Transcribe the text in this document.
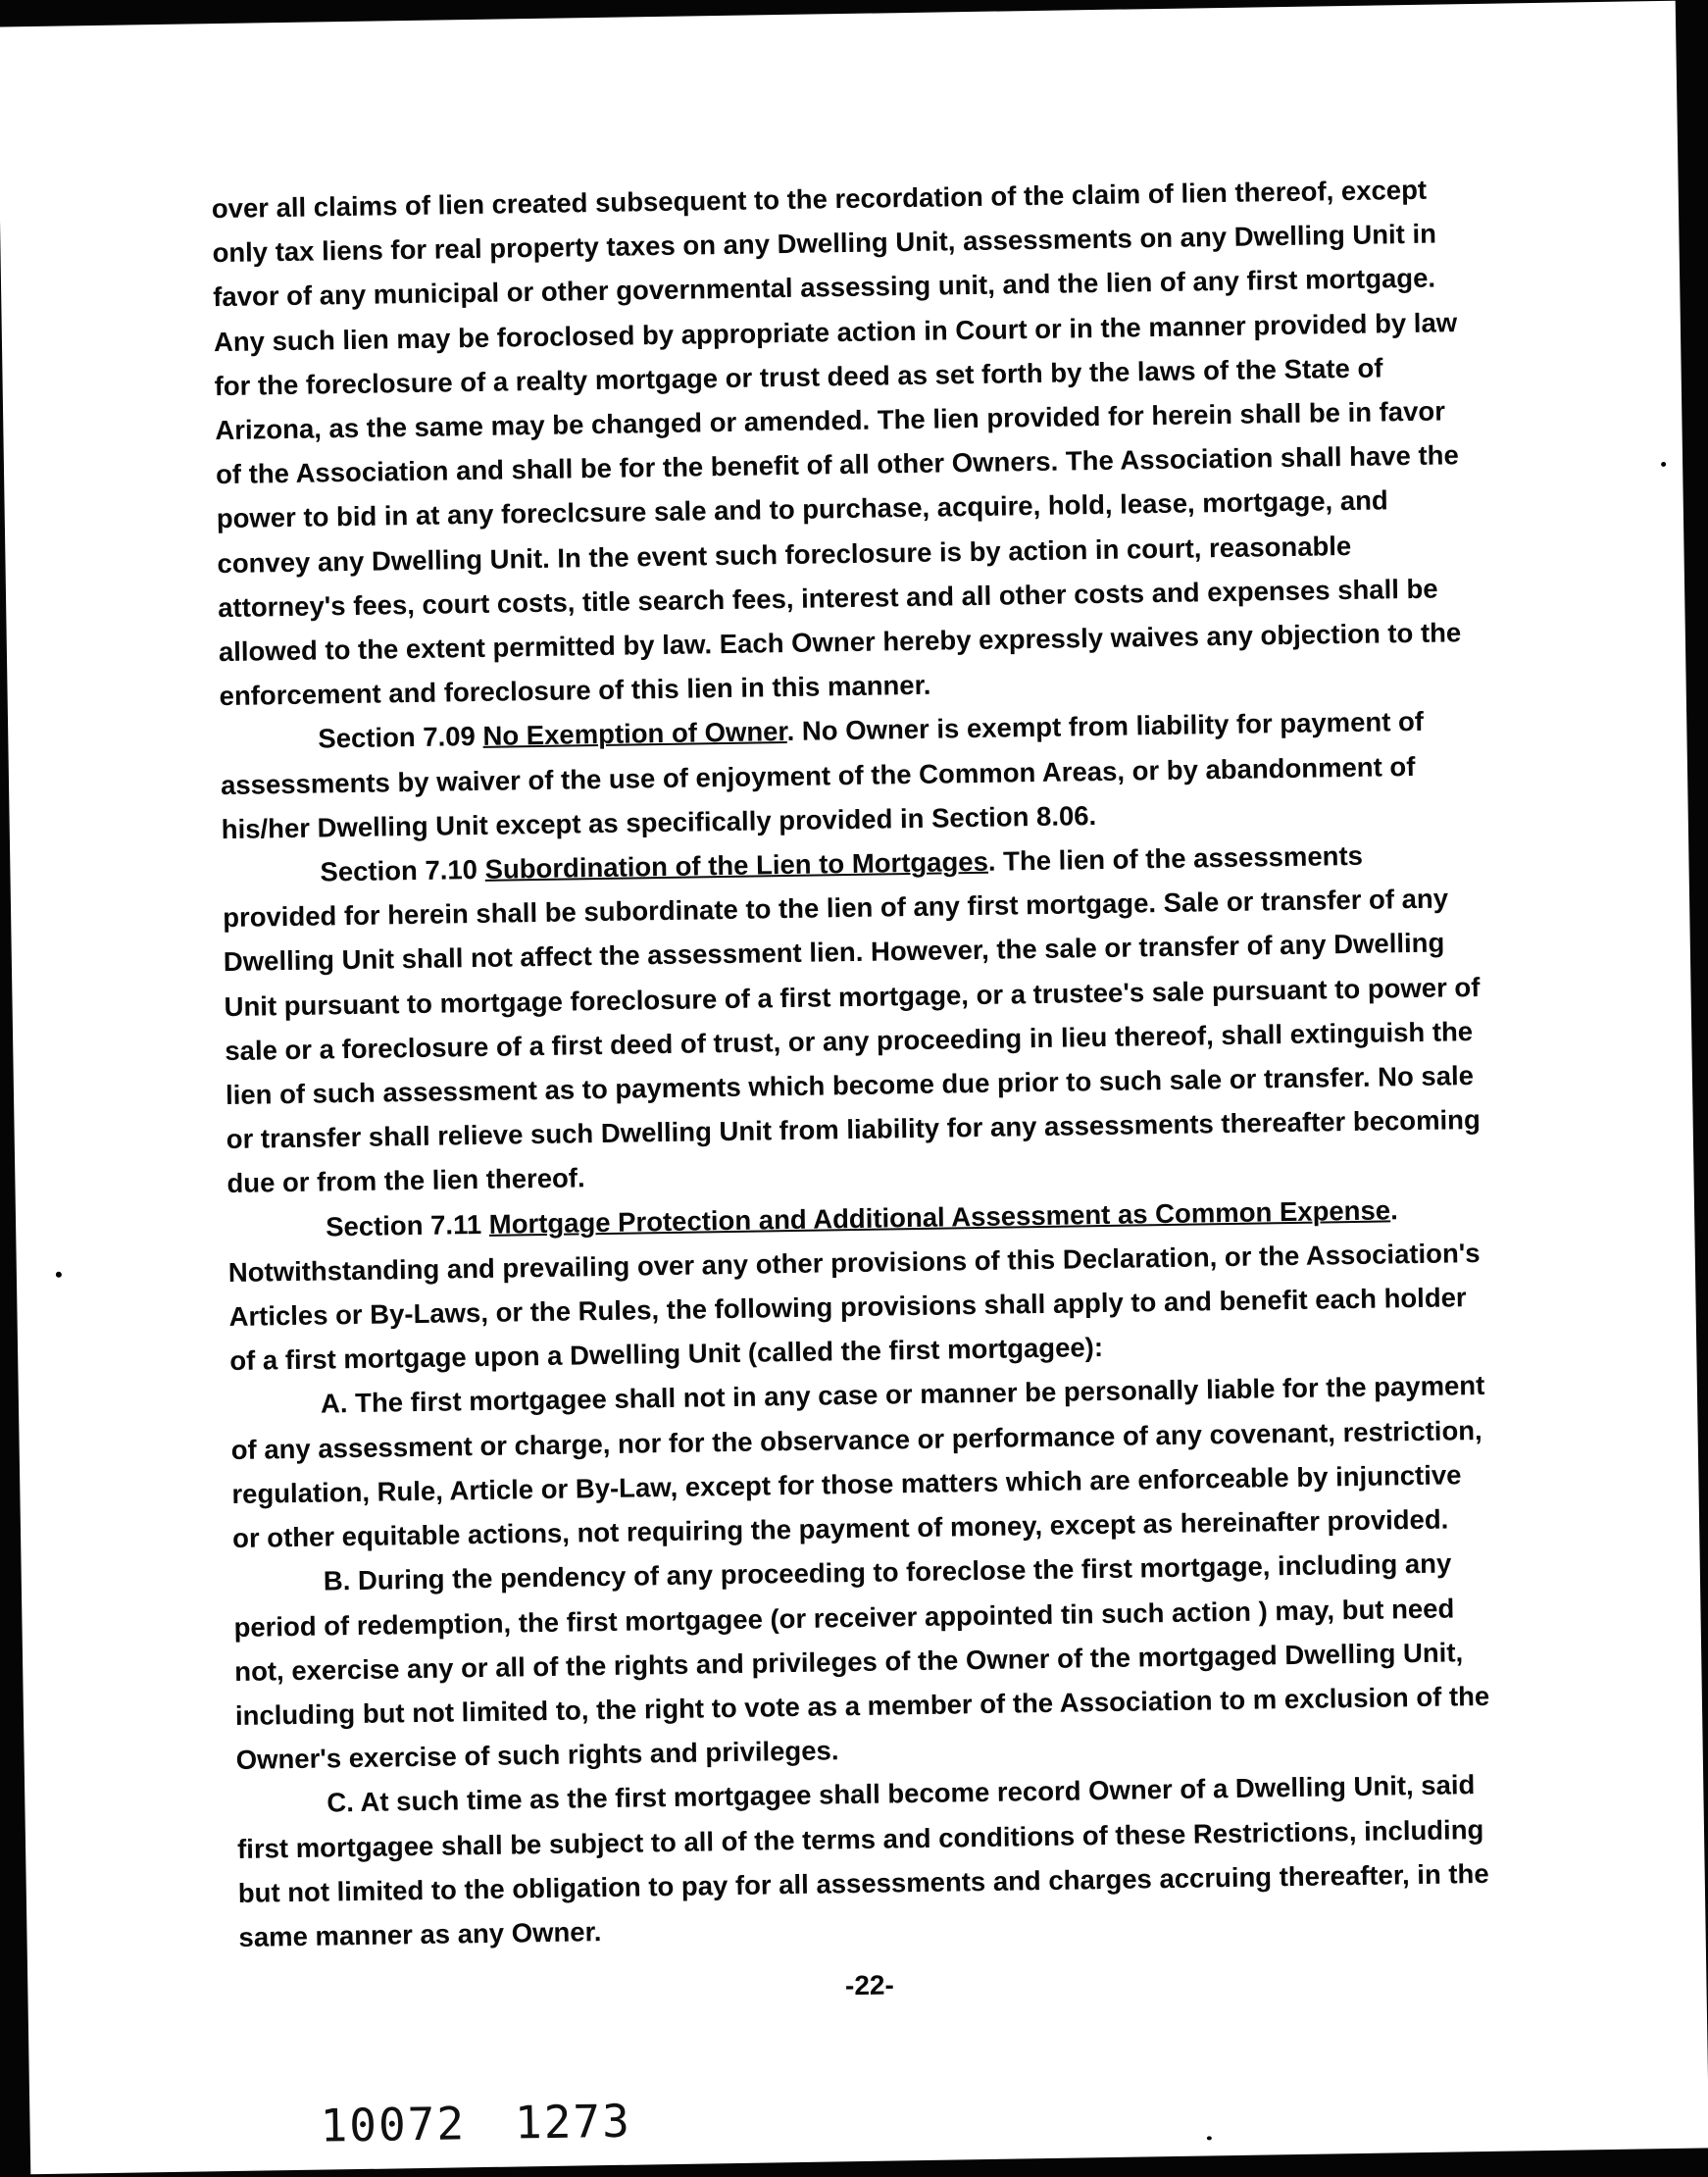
over all claims of lien created subsequent to the recordation of the claim of lien thereof, except only tax liens for real property taxes on any Dwelling Unit, assessments on any Dwelling Unit in favor of any municipal or other governmental assessing unit, and the lien of any first mortgage. Any such lien may be foroclosed by appropriate action in Court or in the manner provided by law for the foreclosure of a realty mortgage or trust deed as set forth by the laws of the State of Arizona, as the same may be changed or amended. The lien provided for herein shall be in favor of the Association and shall be for the benefit of all other Owners. The Association shall have the power to bid in at any foreclcsure sale and to purchase, acquire, hold, lease, mortgage, and convey any Dwelling Unit. In the event such foreclosure is by action in court, reasonable attorney's fees, court costs, title search fees, interest and all other costs and expenses shall be allowed to the extent permitted by law. Each Owner hereby expressly waives any objection to the enforcement and foreclosure of this lien in this manner.

Section 7.09 No Exemption of Owner. No Owner is exempt from liability for payment of assessments by waiver of the use of enjoyment of the Common Areas, or by abandonment of his/her Dwelling Unit except as specifically provided in Section 8.06.

Section 7.10 Subordination of the Lien to Mortgages. The lien of the assessments provided for herein shall be subordinate to the lien of any first mortgage. Sale or transfer of any Dwelling Unit shall not affect the assessment lien. However, the sale or transfer of any Dwelling Unit pursuant to mortgage foreclosure of a first mortgage, or a trustee's sale pursuant to power of sale or a foreclosure of a first deed of trust, or any proceeding in lieu thereof, shall extinguish the lien of such assessment as to payments which become due prior to such sale or transfer. No sale or transfer shall relieve such Dwelling Unit from liability for any assessments thereafter becoming due or from the lien thereof.

Section 7.11 Mortgage Protection and Additional Assessment as Common Expense. Notwithstanding and prevailing over any other provisions of this Declaration, or the Association's Articles or By-Laws, or the Rules, the following provisions shall apply to and benefit each holder of a first mortgage upon a Dwelling Unit (called the first mortgagee):

A. The first mortgagee shall not in any case or manner be personally liable for the payment of any assessment or charge, nor for the observance or performance of any covenant, restriction, regulation, Rule, Article or By-Law, except for those matters which are enforceable by injunctive or other equitable actions, not requiring the payment of money, except as hereinafter provided.

B. During the pendency of any proceeding to foreclose the first mortgage, including any period of redemption, the first mortgagee (or receiver appointed tin such action ) may, but need not, exercise any or all of the rights and privileges of the Owner of the mortgaged Dwelling Unit, including but not limited to, the right to vote as a member of the Association to m exclusion of the Owner's exercise of such rights and privileges.

C. At such time as the first mortgagee shall become record Owner of a Dwelling Unit, said first mortgagee shall be subject to all of the terms and conditions of these Restrictions, including but not limited to the obligation to pay for all assessments and charges accruing thereafter, in the same manner as any Owner.

-22-

10072 1273
